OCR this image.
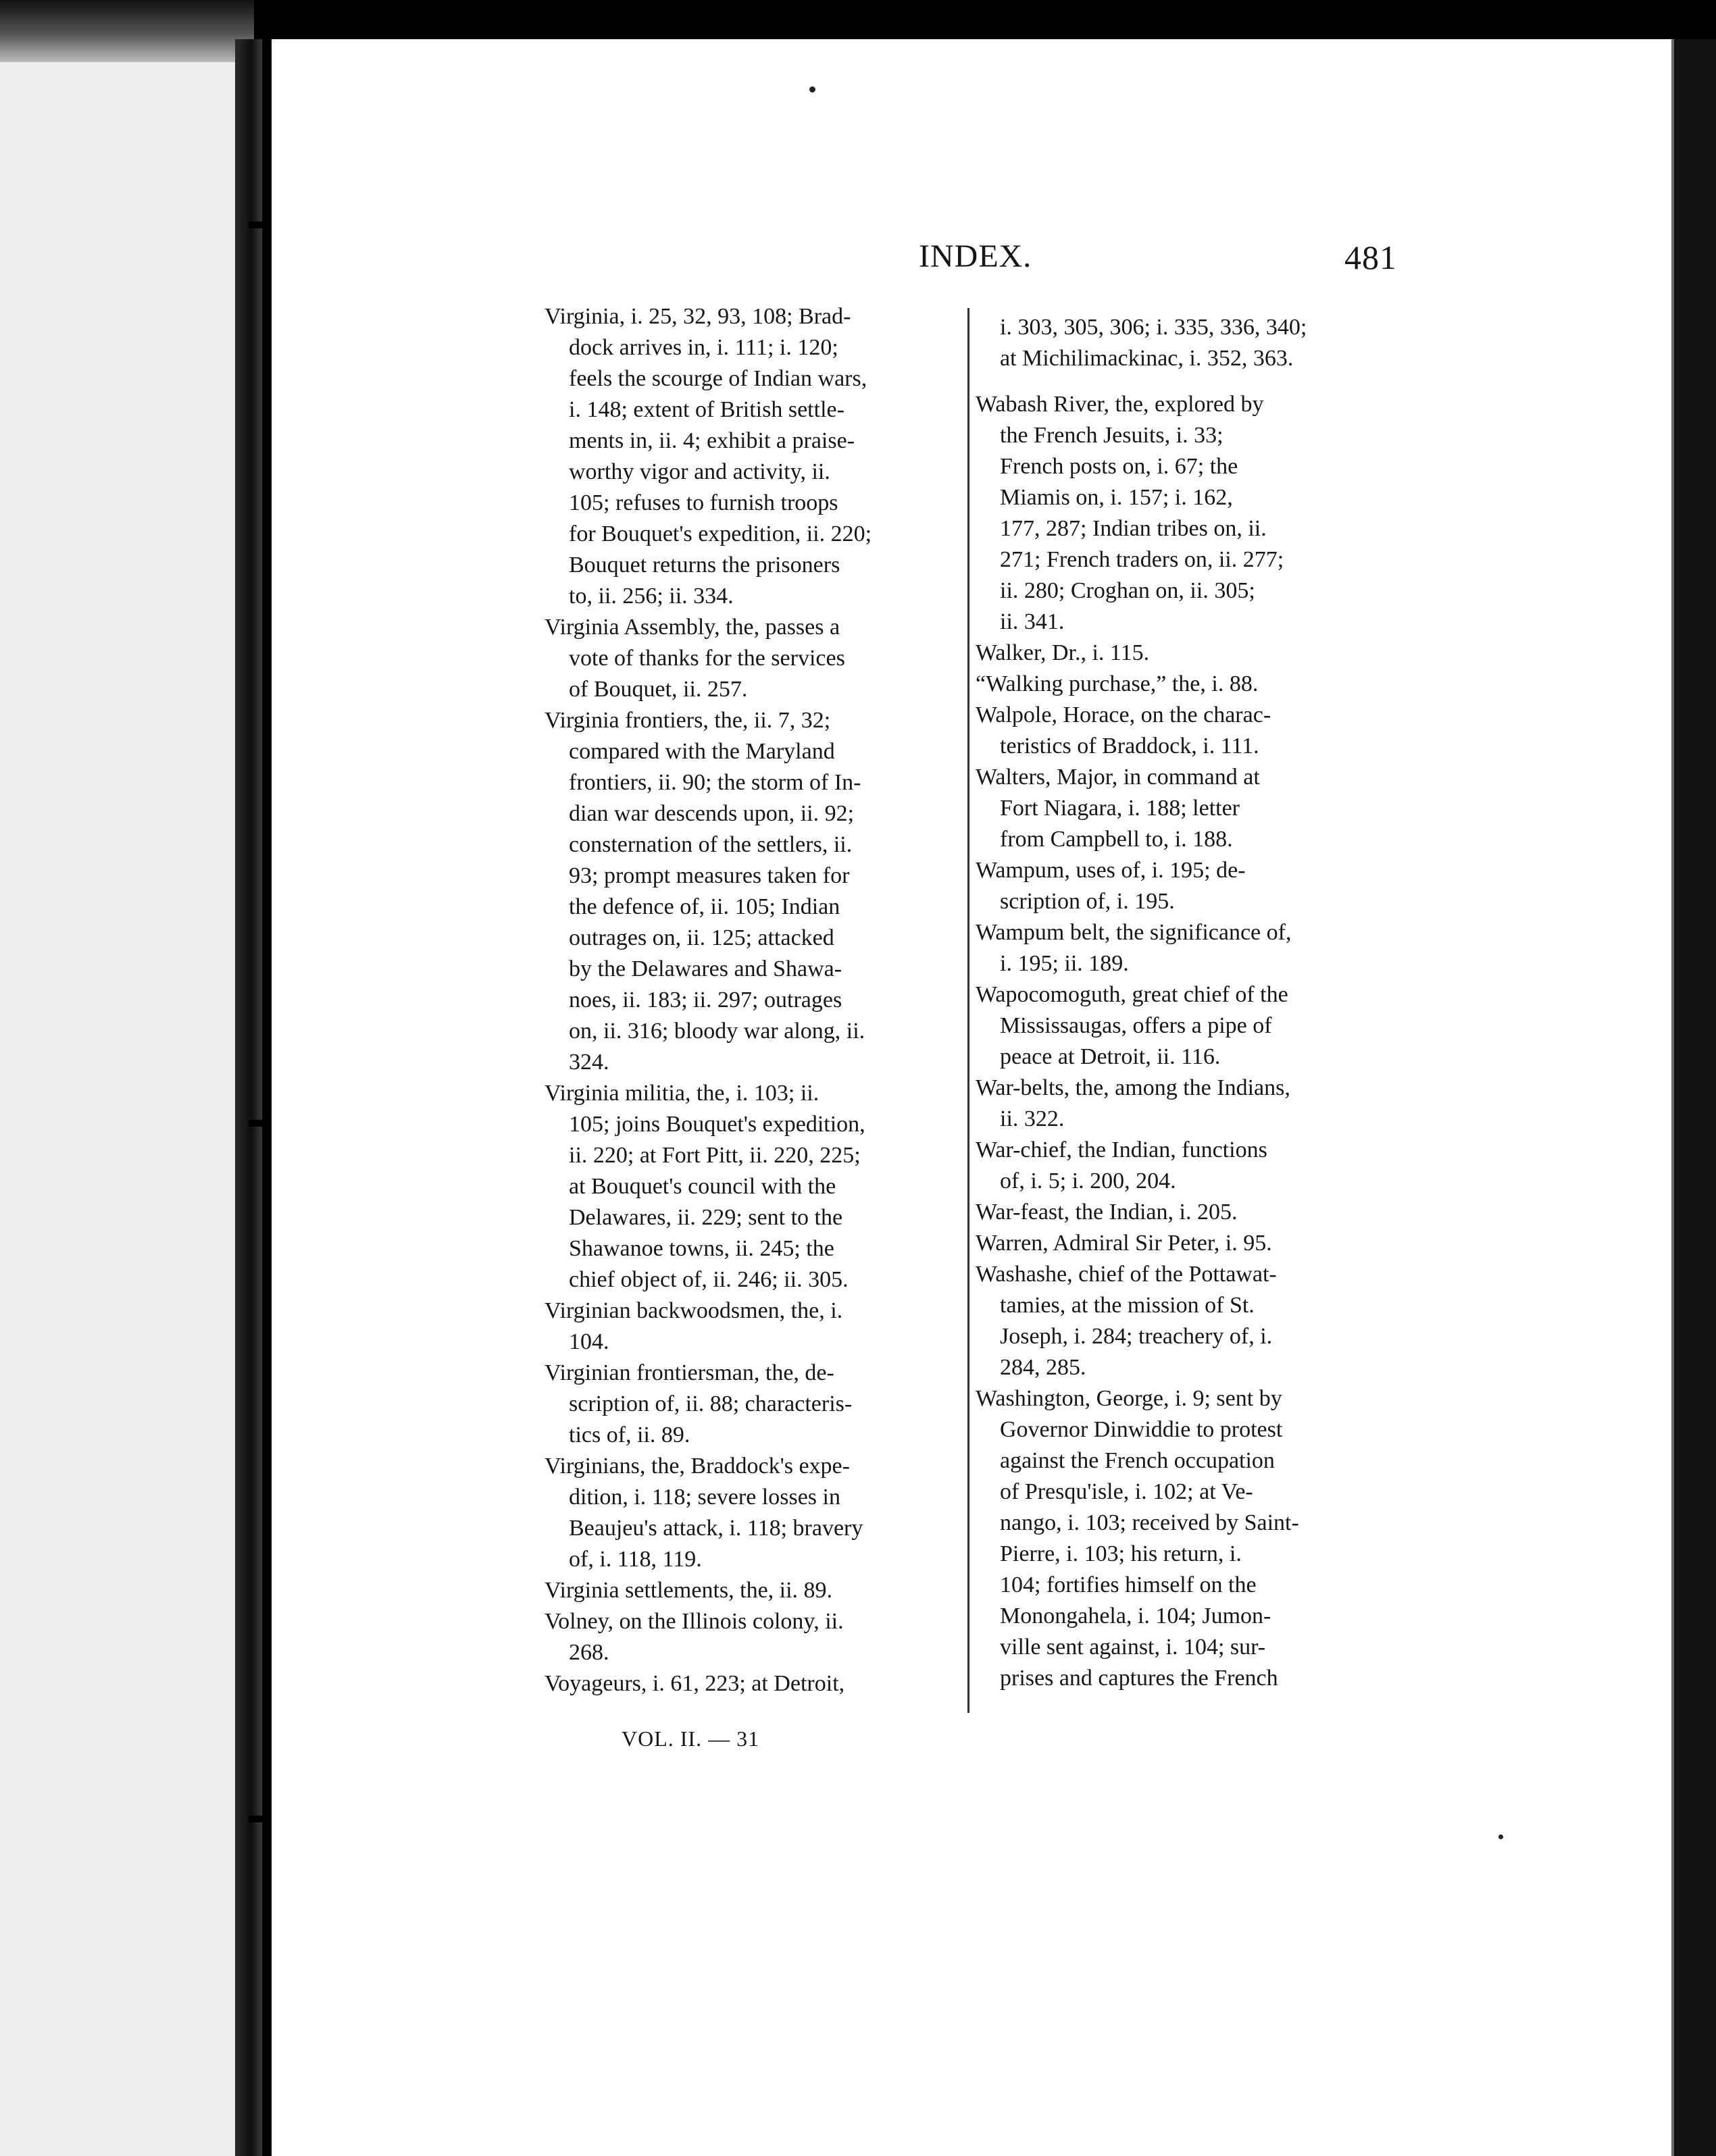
INDEX.	481
Virginia, i. 25, 32, 93, 108; Brad-
dock arrives in, i. 111; i. 120;
feels the scourge of Indian wars,
i. 148; extent of British settle-
ments in, ii. 4; exhibit a praise-
worthy vigor and activity, ii.
105; refuses to furnish troops
for Bouquet's expedition, ii. 220;
Bouquet returns the prisoners
to, ii. 256; ii. 334.
Virginia Assembly, the, passes a
vote of thanks for the services
of Bouquet, ii. 257.
Virginia frontiers, the, ii. 7, 32;
compared with the Maryland
frontiers, ii. 90; the storm of In-
dian war descends upon, ii. 92;
consternation of the settlers, ii.
93; prompt measures taken for
the defence of, ii. 105; Indian
outrages on, ii. 125; attacked
by the Delawares and Shawa-
noes, ii. 183; ii. 297; outrages
on, ii. 316; bloody war along, ii.
324.
Virginia militia, the, i. 103; ii.
105; joins Bouquet's expedition,
ii. 220; at Fort Pitt, ii. 220, 225;
at Bouquet's council with the
Delawares, ii. 229; sent to the
Shawanoe towns, ii. 245; the
chief object of, ii. 246; ii. 305.
Virginian backwoodsmen, the, i.
104.
Virginian frontiersman, the, de-
scription of, ii. 88; characteris-
tics of, ii. 89.
Virginians, the, Braddock's expe-
dition, i. 118; severe losses in
Beaujeu's attack, i. 118; bravery
of, i. 118, 119.
Virginia settlements, the, ii. 89.
Volney, on the Illinois colony, ii.
268.
Voyageurs, i. 61, 223; at Detroit,
i. 303, 305, 306; i. 335, 336, 340;
at Michilimackinac, i. 352, 363.
Wabash River, the, explored by
the French Jesuits, i. 33;
French posts on, i. 67; the
Miamis on, i. 157; i. 162,
177, 287; Indian tribes on, ii.
271; French traders on, ii. 277;
ii. 280; Croghan on, ii. 305;
ii. 341.
Walker, Dr., i. 115.
“Walking purchase,” the, i. 88.
Walpole, Horace, on the charac-
teristics of Braddock, i. 111.
Walters, Major, in command at
Fort Niagara, i. 188; letter
from Campbell to, i. 188.
Wampum, uses of, i. 195; de-
scription of, i. 195.
Wampum belt, the significance of,
i. 195; ii. 189.
Wapocomoguth, great chief of the
Mississaugas, offers a pipe of
peace at Detroit, ii. 116.
War-belts, the, among the Indians,
ii. 322.
War-chief, the Indian, functions
of, i. 5; i. 200, 204.
War-feast, the Indian, i. 205.
Warren, Admiral Sir Peter, i. 95.
Washashe, chief of the Pottawat-
tamies, at the mission of St.
Joseph, i. 284; treachery of, i.
284, 285.
Washington, George, i. 9; sent by
Governor Dinwiddie to protest
against the French occupation
of Presqu'isle, i. 102; at Ve-
nango, i. 103; received by Saint-
Pierre, i. 103; his return, i.
104; fortifies himself on the
Monongahela, i. 104; Jumon-
ville sent against, i. 104; sur-
prises and captures the French
VOL. II. — 31
